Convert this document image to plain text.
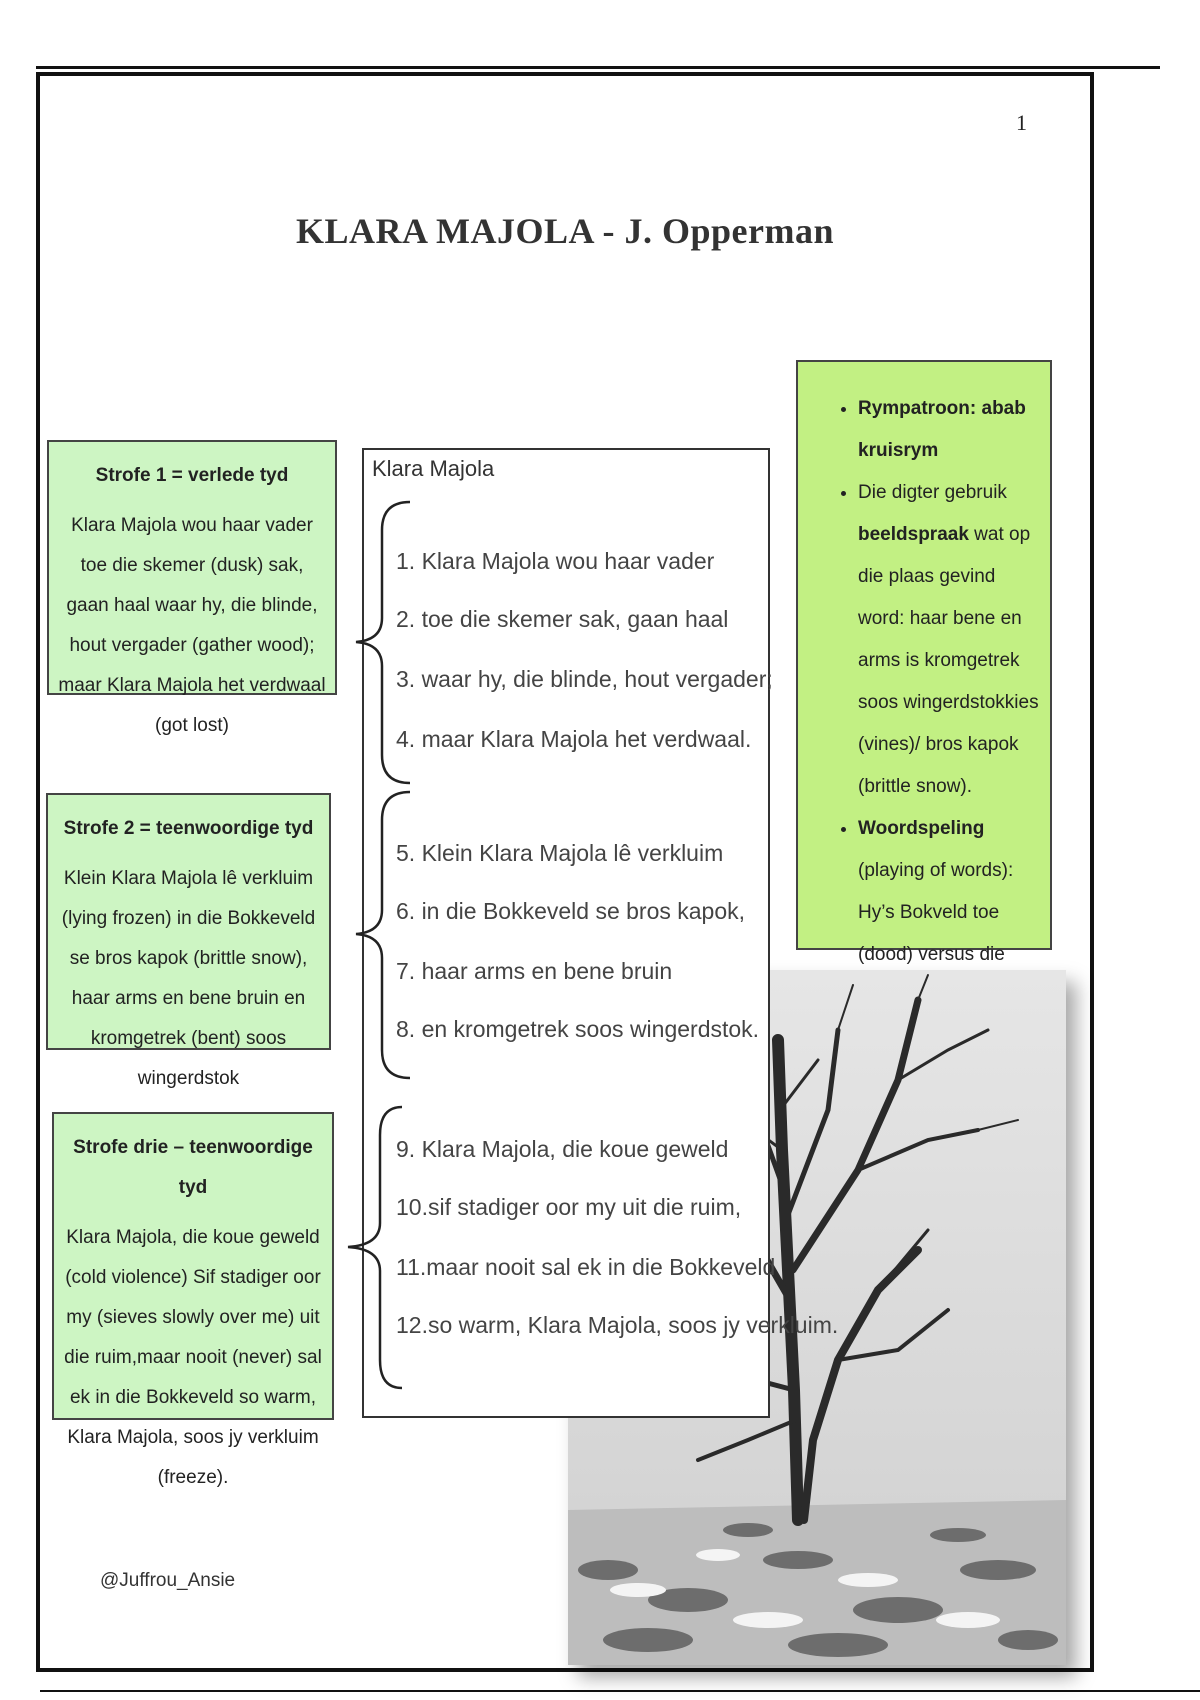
1
KLARA MAJOLA - J. Opperman
Strofe 1 = verlede tyd
Klara Majola wou haar vader toe die skemer (dusk) sak, gaan haal waar hy, die blinde, hout vergader (gather wood); maar Klara Majola het verdwaal (got lost)
Strofe 2 = teenwoordige tyd
Klein Klara Majola lê verkluim (lying frozen) in die Bokkeveld se bros kapok (brittle snow), haar arms en bene bruin en kromgetrek (bent) soos wingerdstok
Strofe drie – teenwoordige tyd
Klara Majola, die koue geweld (cold violence) Sif stadiger oor my (sieves slowly over me) uit die ruim,maar nooit (never) sal ek in die Bokkeveld so warm, Klara Majola, soos jy verkluim (freeze).
• Rympatroon: abab kruisrym
• Die digter gebruik beeldspraak wat op die plaas gevind word: haar bene en arms is kromgetrek soos wingerdstokkies (vines)/ bros kapok (brittle snow).
• Woordspeling (playing of words): Hy’s Bokveld toe (dood) versus die
Klara Majola
1. Klara Majola wou haar vader
2. toe die skemer sak, gaan haal
3. waar hy, die blinde, hout vergader;
4. maar Klara Majola het verdwaal.
5. Klein Klara Majola lê verkluim
6. in die Bokkeveld se bros kapok,
7. haar arms en bene bruin
8. en kromgetrek soos wingerdstok.
9. Klara Majola, die koue geweld
10.sif stadiger oor my uit die ruim,
11.maar nooit sal ek in die Bokkeveld
12.so warm, Klara Majola, soos jy verkluim.
@Juffrou_Ansie
